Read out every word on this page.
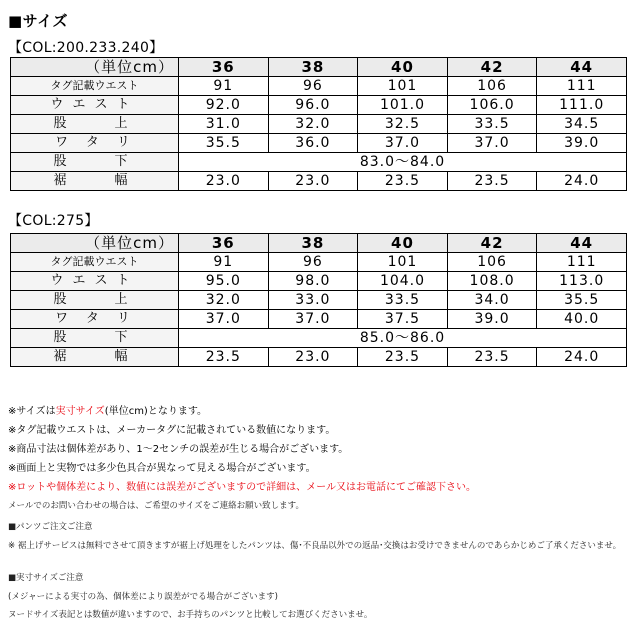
■サイズ
【COL:200.233.240】
（単位cm）	36	38	40	42	44
タグ記載ウエスト	91	96	101	106	111
ウエスト	92.0	96.0	101.0	106.0	111.0
股上	31.0	32.0	32.5	33.5	34.5
ワタリ	35.5	36.0	37.0	37.0	39.0
股下	83.0〜84.0				
裾幅	23.0	23.0	23.5	23.5	24.0
【COL:275】
（単位cm）	36	38	40	42	44
タグ記載ウエスト	91	96	101	106	111
ウエスト	95.0	98.0	104.0	108.0	113.0
股上	32.0	33.0	33.5	34.0	35.5
ワタリ	37.0	37.0	37.5	39.0	40.0
股下	85.0〜86.0				
裾幅	23.5	23.0	23.5	23.5	24.0
※サイズは実寸サイズ(単位cm)となります。
※タグ記載ウエストは、メーカータグに記載されている数値になります。
※商品寸法は個体差があり、1〜2センチの誤差が生じる場合がございます。
※画面上と実物では多少色具合が異なって見える場合がございます。
※ロットや個体差により、数値には誤差がございますので詳細は、メール又はお電話にてご確認下さい。
メールでのお問い合わせの場合は、ご希望のサイズをご連絡お願い致します。
■パンツご注文ご注意
※ 裾上げサービスは無料でさせて頂きますが裾上げ処理をしたパンツは、傷･不良品以外での返品･交換はお受けできませんのであらかじめご了承くださいませ。
■実寸サイズご注意
(メジャーによる実寸の為、個体差により誤差がでる場合がございます)
ヌードサイズ表記とは数値が違いますので、お手持ちのパンツと比較してお選びくださいませ。
